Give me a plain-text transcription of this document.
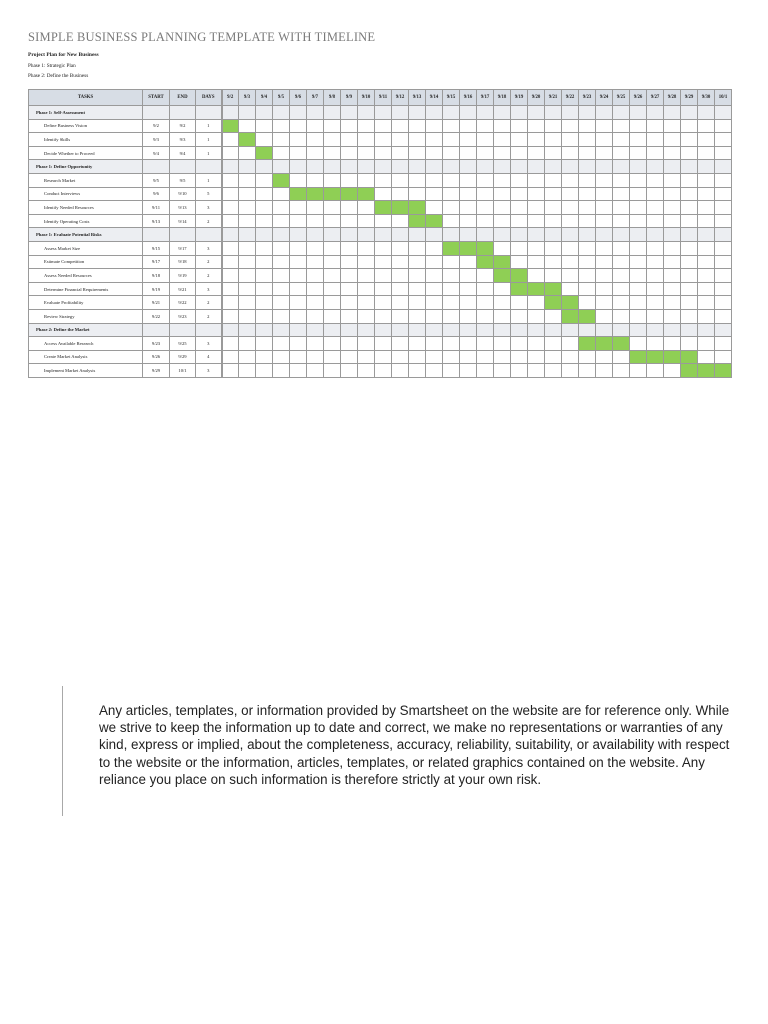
SIMPLE BUSINESS PLANNING TEMPLATE WITH TIMELINE
Project Plan for New Business
Phase 1: Strategic Plan
Phase 2: Define the Business
TASKS	START	END	DAYS	9/2	9/3	9/4	9/5	9/6	9/7	9/8	9/9	9/10	9/11	9/12	9/13	9/14	9/15	9/16	9/17	9/18	9/19	9/20	9/21	9/22	9/23	9/24	9/25	9/26	9/27	9/28	9/29	9/30	10/1
Phase 1: Self-Assessment																																	
Define Business Vision	9/2	9/2	1																														
Identify Skills	9/3	9/3	1																														
Decide Whether to Proceed	9/4	9/4	1																														
Phase 1: Define Opportunity																																	
Research Market	9/5	9/5	1																														
Conduct Interviews	9/6	9/10	5																														
Identify Needed Resources	9/11	9/13	3																														
Identify Operating Costs	9/13	9/14	2																														
Phase 1: Evaluate Potential Risks																																	
Assess Market Size	9/15	9/17	3																														
Estimate Competition	9/17	9/18	2																														
Assess Needed Resources	9/18	9/19	2																														
Determine Financial Requirements	9/19	9/21	3																														
Evaluate Profitability	9/21	9/22	2																														
Review Strategy	9/22	9/23	2																														
Phase 2: Define the Market																																	
Access Available Research	9/23	9/25	3																														
Create Market Analysis	9/26	9/29	4																														
Implement Market Analysis	9/29	10/1	3																														

Any articles, templates, or information provided by Smartsheet on the website are for reference only. While we strive to keep the information up to date and correct, we make no representations or warranties of any kind, express or implied, about the completeness, accuracy, reliability, suitability, or availability with respect to the website or the information, articles, templates, or related graphics contained on the website. Any reliance you place on such information is therefore strictly at your own risk.
